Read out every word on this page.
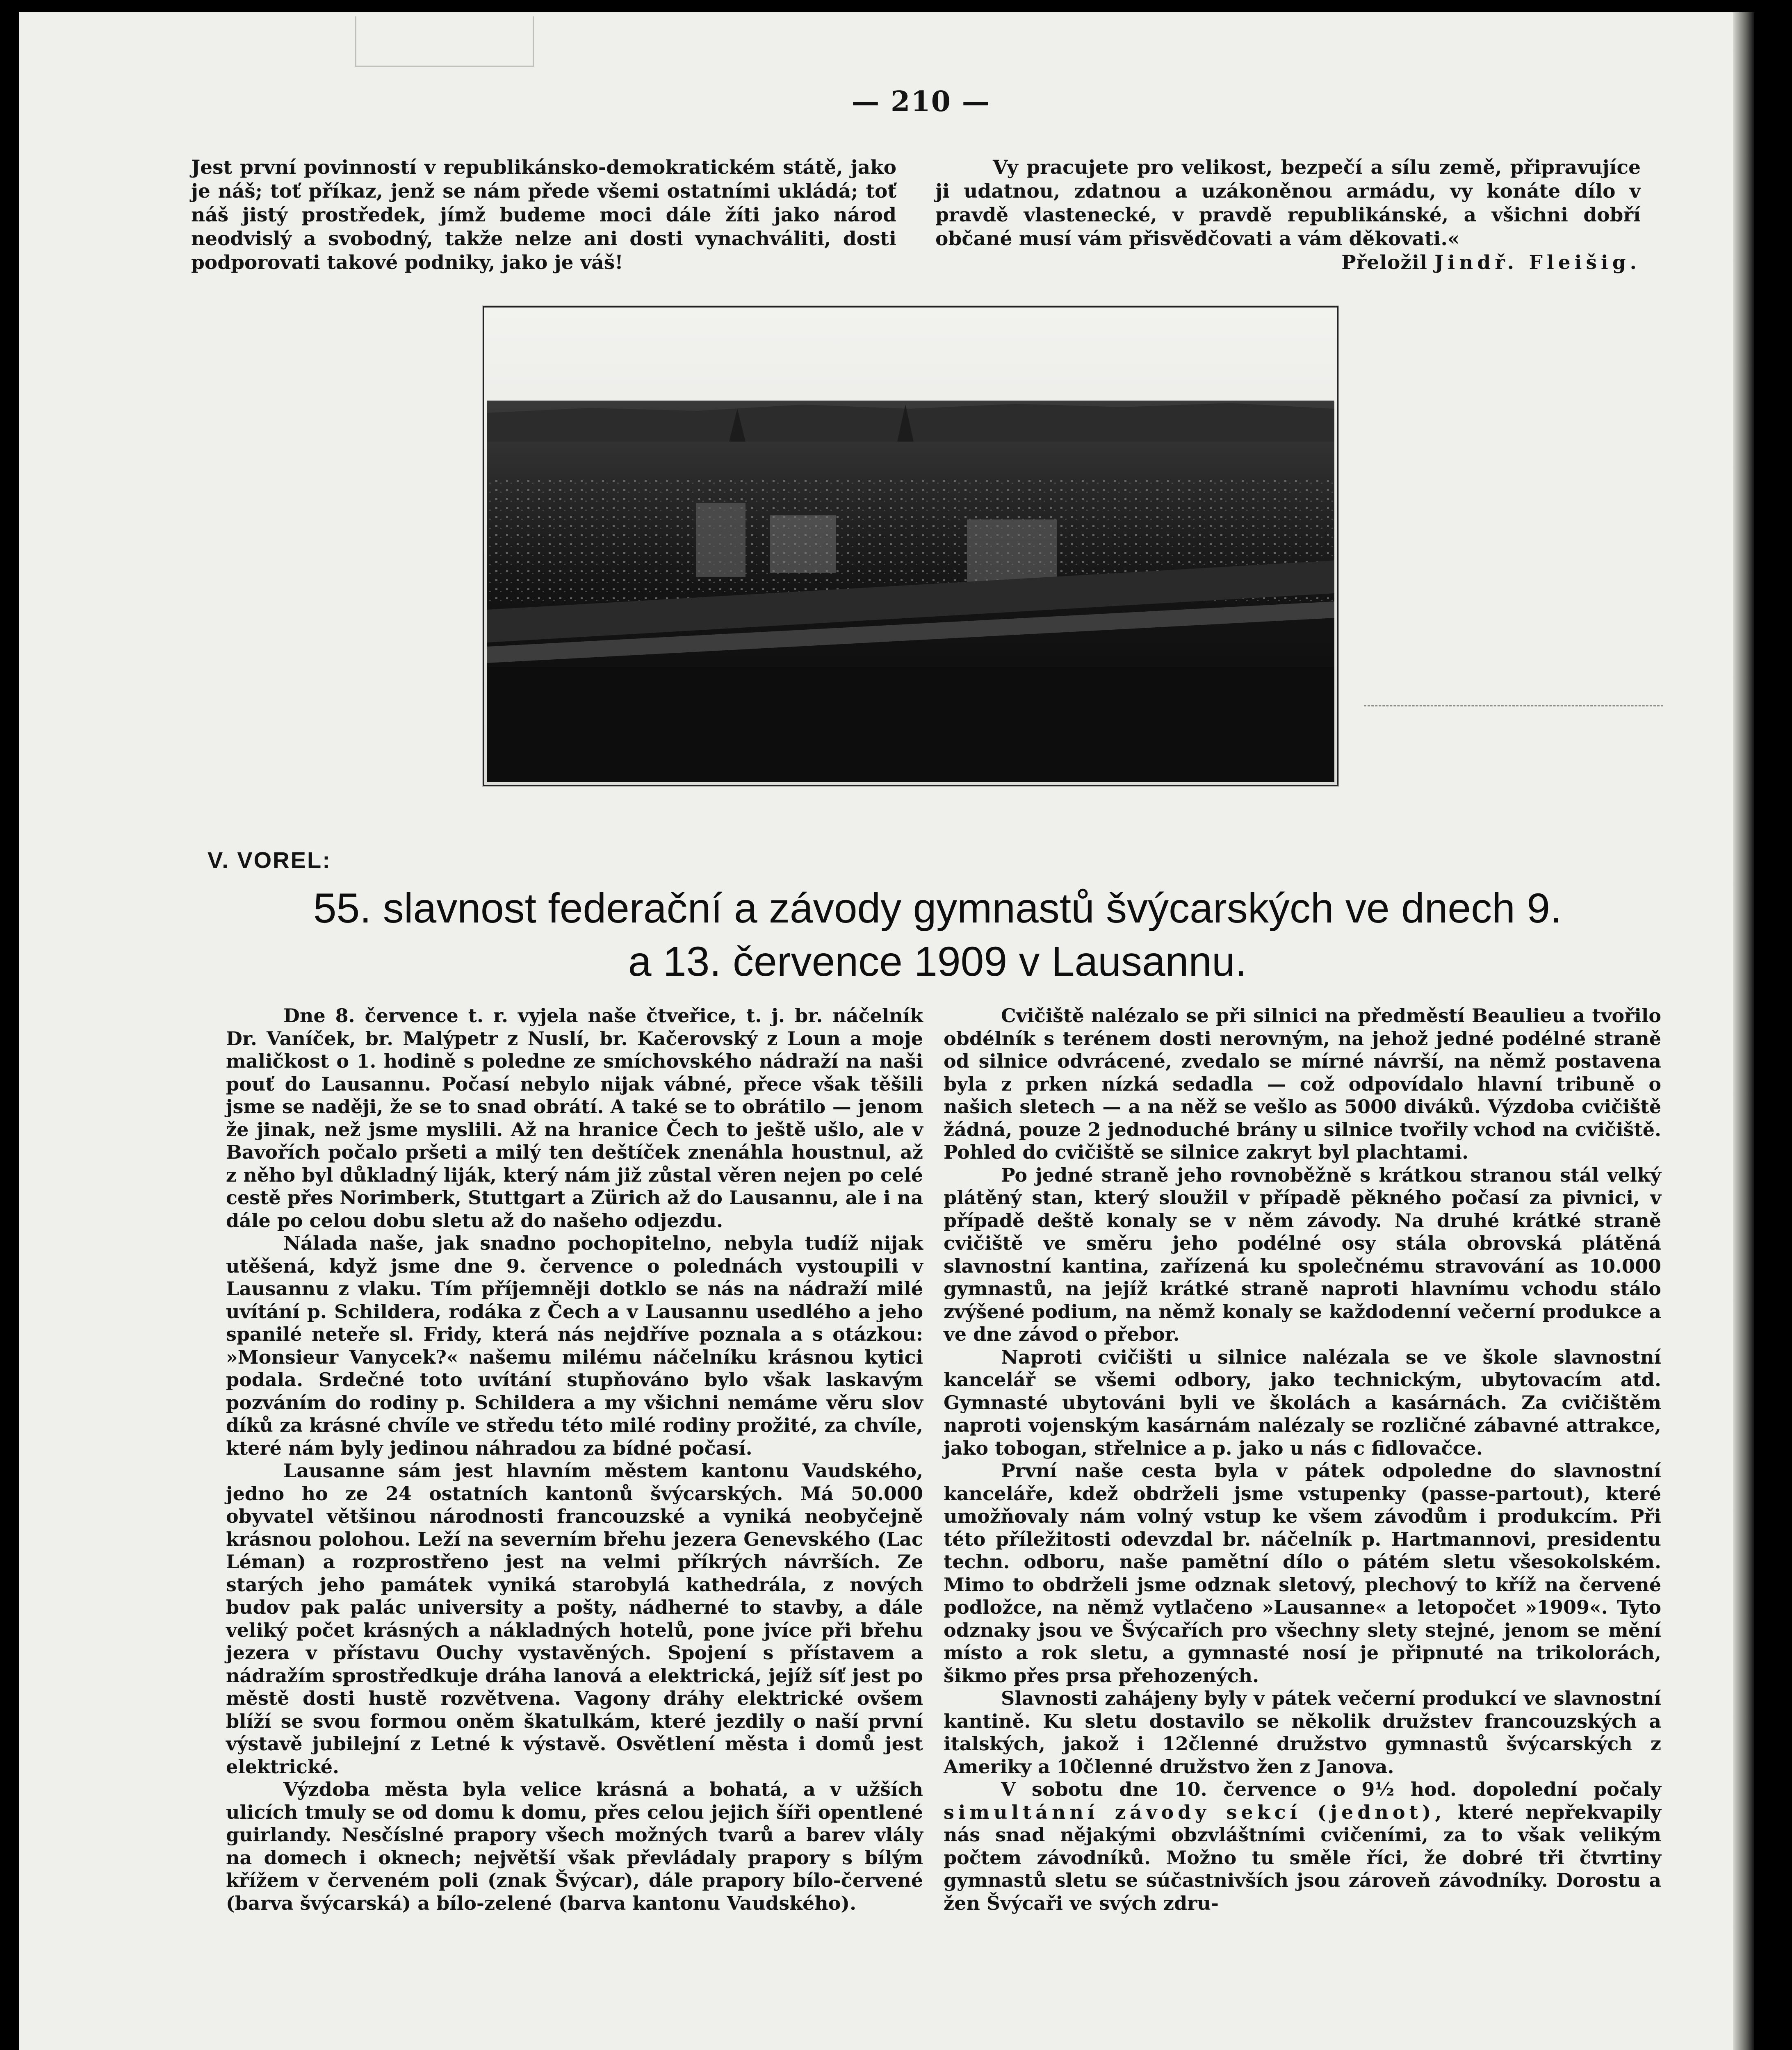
— 210 —

Jest první povinností v republikánsko-demokratickém státě, jako je náš; toť příkaz, jenž se nám přede všemi ostatními ukládá; toť náš jistý prostředek, jímž budeme moci dále žíti jako národ neodvislý a svobodný, takže nelze ani dosti vynachváliti, dosti podporovati takové podniky, jako je váš!

Vy pracujete pro velikost, bezpečí a sílu země, připravujíce ji udatnou, zdatnou a uzákoněnou armádu, vy konáte dílo v pravdě vlastenecké, v pravdě republikánské, a všichni dobří občané musí vám přisvědčovati a vám děkovati.«

Přeložil Jindř. Fleišig.
V. VOREL:
55. slavnost federační a závody gymnastů švýcarských ve dnech 9.
a 13. července 1909 v Lausannu.

Dne 8. července t. r. vyjela naše čtveřice, t. j. br. náčelník Dr. Vaníček, br. Malýpetr z Nuslí, br. Kačerovský z Loun a moje maličkost o 1. hodině s poledne ze smíchovského nádraží na naši pouť do Lausannu. Počasí nebylo nijak vábné, přece však těšili jsme se naději, že se to snad obrátí. A také se to obrátilo — jenom že jinak, než jsme myslili. Až na hranice Čech to ještě ušlo, ale v Bavořích počalo pršeti a milý ten deštíček znenáhla houstnul, až z něho byl důkladný liják, který nám již zůstal věren nejen po celé cestě přes Norimberk, Stuttgart a Zürich až do Lausannu, ale i na dále po celou dobu sletu až do našeho odjezdu.

Nálada naše, jak snadno pochopitelno, nebyla tudíž nijak utěšená, když jsme dne 9. července o polednách vystoupili v Lausannu z vlaku. Tím příjemněji dotklo se nás na nádraží milé uvítání p. Schildera, rodáka z Čech a v Lausannu usedlého a jeho spanilé neteře sl. Fridy, která nás nejdříve poznala a s otázkou: »Monsieur Vanycek?« našemu milému náčelníku krásnou kytici podala. Srdečné toto uvítání stupňováno bylo však laskavým pozváním do rodiny p. Schildera a my všichni nemáme věru slov díků za krásné chvíle ve středu této milé rodiny prožité, za chvíle, které nám byly jedinou náhradou za bídné počasí.

Lausanne sám jest hlavním městem kantonu Vaudského, jedno ho ze 24 ostatních kantonů švýcarských. Má 50.000 obyvatel většinou národnosti francouzské a vyniká neobyčejně krásnou polohou. Leží na severním břehu jezera Genevského (Lac Léman) a rozprostřeno jest na velmi příkrých návrších. Ze starých jeho památek vyniká starobylá kathedrála, z nových budov pak palác university a pošty, nádherné to stavby, a dále veliký počet krásných a nákladných hotelů, pone jvíce při břehu jezera v přístavu Ouchy vystavěných. Spojení s přístavem a nádražím sprostředkuje dráha lanová a elektrická, jejíž síť jest po městě dosti hustě rozvětvena. Vagony dráhy elektrické ovšem blíží se svou formou oněm škatulkám, které jezdily o naší první výstavě jubilejní z Letné k výstavě. Osvětlení města i domů jest elektrické.

Výzdoba města byla velice krásná a bohatá, a v užších ulicích tmuly se od domu k domu, přes celou jejich šíři opentlené guirlandy. Nesčíslné prapory všech možných tvarů a barev vlály na domech i oknech; největší však převládaly prapory s bílým křížem v červeném poli (znak Švýcar), dále prapory bílo-červené (barva švýcarská) a bílo-zelené (barva kantonu Vaudského).

Cvičiště nalézalo se při silnici na předměstí Beaulieu a tvořilo obdélník s terénem dosti nerovným, na jehož jedné podélné straně od silnice odvrácené, zvedalo se mírné návrší, na němž postavena byla z prken nízká sedadla — což odpovídalo hlavní tribuně o našich sletech — a na něž se vešlo as 5000 diváků. Výzdoba cvičiště žádná, pouze 2 jednoduché brány u silnice tvořily vchod na cvičiště. Pohled do cvičiště se silnice zakryt byl plachtami.

Po jedné straně jeho rovnoběžně s krátkou stranou stál velký plátěný stan, který sloužil v případě pěkného počasí za pivnici, v případě deště konaly se v něm závody. Na druhé krátké straně cvičiště ve směru jeho podélné osy stála obrovská plátěná slavnostní kantina, zařízená ku společnému stravování as 10.000 gymnastů, na jejíž krátké straně naproti hlavnímu vchodu stálo zvýšené podium, na němž konaly se každodenní večerní produkce a ve dne závod o přebor.

Naproti cvičišti u silnice nalézala se ve škole slavnostní kancelář se všemi odbory, jako technickým, ubytovacím atd. Gymnasté ubytováni byli ve školách a kasárnách. Za cvičištěm naproti vojenským kasárnám nalézaly se rozličné zábavné attrakce, jako tobogan, střelnice a p. jako u nás c fidlovačce.

První naše cesta byla v pátek odpoledne do slavnostní kanceláře, kdež obdrželi jsme vstupenky (passe-partout), které umožňovaly nám volný vstup ke všem závodům i produkcím. Při této příležitosti odevzdal br. náčelník p. Hartmannovi, presidentu techn. odboru, naše pamětní dílo o pátém sletu všesokolském. Mimo to obdrželi jsme odznak sletový, plechový to kříž na červené podložce, na němž vytlačeno »Lausanne« a letopočet »1909«. Tyto odznaky jsou ve Švýcařích pro všechny slety stejné, jenom se mění místo a rok sletu, a gymnasté nosí je připnuté na trikolorách, šikmo přes prsa přehozených.

Slavnosti zahájeny byly v pátek večerní produkcí ve slavnostní kantině. Ku sletu dostavilo se několik družstev francouzských a italských, jakož i 12členné družstvo gymnastů švýcarských z Ameriky a 10členné družstvo žen z Janova.

V sobotu dne 10. července o 9½ hod. dopolední počaly simultánní závody sekcí (jednot), které nepřekvapily nás snad nějakými obzvláštními cvičeními, za to však velikým počtem závodníků. Možno tu směle říci, že dobré tři čtvrtiny gymnastů sletu se súčastnivších jsou zároveň závodníky. Dorostu a žen Švýcaři ve svých zdru-
